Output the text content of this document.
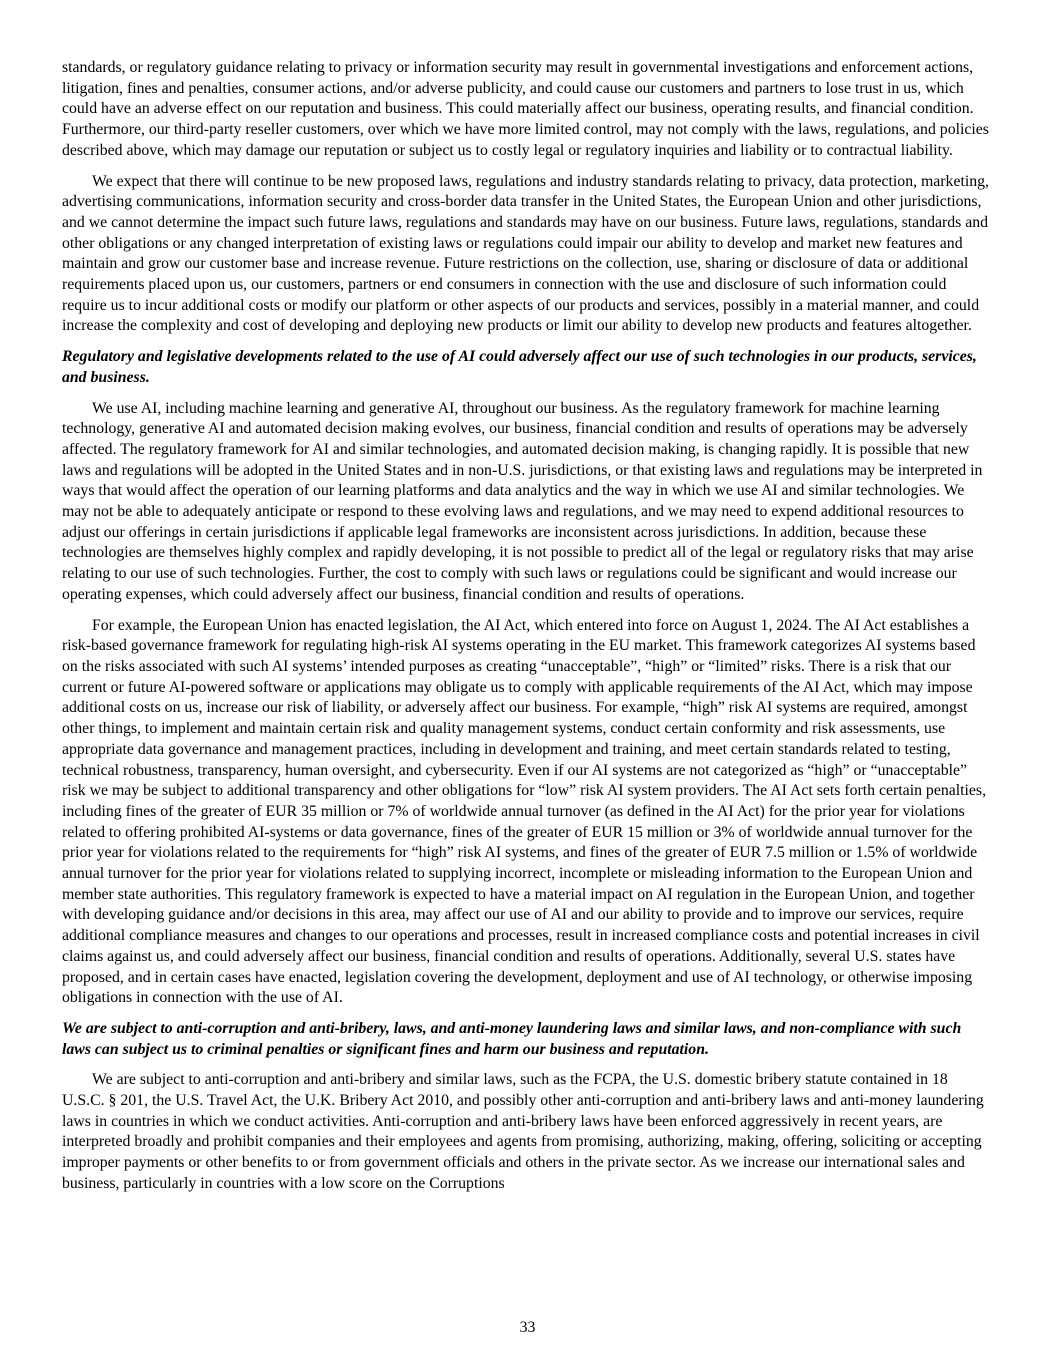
standards, or regulatory guidance relating to privacy or information security may result in governmental investigations and enforcement actions, litigation, fines and penalties, consumer actions, and/or adverse publicity, and could cause our customers and partners to lose trust in us, which could have an adverse effect on our reputation and business. This could materially affect our business, operating results, and financial condition. Furthermore, our third-party reseller customers, over which we have more limited control, may not comply with the laws, regulations, and policies described above, which may damage our reputation or subject us to costly legal or regulatory inquiries and liability or to contractual liability.

We expect that there will continue to be new proposed laws, regulations and industry standards relating to privacy, data protection, marketing, advertising communications, information security and cross-border data transfer in the United States, the European Union and other jurisdictions, and we cannot determine the impact such future laws, regulations and standards may have on our business. Future laws, regulations, standards and other obligations or any changed interpretation of existing laws or regulations could impair our ability to develop and market new features and maintain and grow our customer base and increase revenue. Future restrictions on the collection, use, sharing or disclosure of data or additional requirements placed upon us, our customers, partners or end consumers in connection with the use and disclosure of such information could require us to incur additional costs or modify our platform or other aspects of our products and services, possibly in a material manner, and could increase the complexity and cost of developing and deploying new products or limit our ability to develop new products and features altogether.

Regulatory and legislative developments related to the use of AI could adversely affect our use of such technologies in our products, services, and business.

We use AI, including machine learning and generative AI, throughout our business. As the regulatory framework for machine learning technology, generative AI and automated decision making evolves, our business, financial condition and results of operations may be adversely affected. The regulatory framework for AI and similar technologies, and automated decision making, is changing rapidly. It is possible that new laws and regulations will be adopted in the United States and in non-U.S. jurisdictions, or that existing laws and regulations may be interpreted in ways that would affect the operation of our learning platforms and data analytics and the way in which we use AI and similar technologies. We may not be able to adequately anticipate or respond to these evolving laws and regulations, and we may need to expend additional resources to adjust our offerings in certain jurisdictions if applicable legal frameworks are inconsistent across jurisdictions. In addition, because these technologies are themselves highly complex and rapidly developing, it is not possible to predict all of the legal or regulatory risks that may arise relating to our use of such technologies. Further, the cost to comply with such laws or regulations could be significant and would increase our operating expenses, which could adversely affect our business, financial condition and results of operations.

For example, the European Union has enacted legislation, the AI Act, which entered into force on August 1, 2024. The AI Act establishes a risk-based governance framework for regulating high-risk AI systems operating in the EU market. This framework categorizes AI systems based on the risks associated with such AI systems’ intended purposes as creating “unacceptable”, “high” or “limited” risks. There is a risk that our current or future AI-powered software or applications may obligate us to comply with applicable requirements of the AI Act, which may impose additional costs on us, increase our risk of liability, or adversely affect our business. For example, “high” risk AI systems are required, amongst other things, to implement and maintain certain risk and quality management systems, conduct certain conformity and risk assessments, use appropriate data governance and management practices, including in development and training, and meet certain standards related to testing, technical robustness, transparency, human oversight, and cybersecurity. Even if our AI systems are not categorized as “high” or “unacceptable” risk we may be subject to additional transparency and other obligations for “low” risk AI system providers. The AI Act sets forth certain penalties, including fines of the greater of EUR 35 million or 7% of worldwide annual turnover (as defined in the AI Act) for the prior year for violations related to offering prohibited AI-systems or data governance, fines of the greater of EUR 15 million or 3% of worldwide annual turnover for the prior year for violations related to the requirements for “high” risk AI systems, and fines of the greater of EUR 7.5 million or 1.5% of worldwide annual turnover for the prior year for violations related to supplying incorrect, incomplete or misleading information to the European Union and member state authorities. This regulatory framework is expected to have a material impact on AI regulation in the European Union, and together with developing guidance and/or decisions in this area, may affect our use of AI and our ability to provide and to improve our services, require additional compliance measures and changes to our operations and processes, result in increased compliance costs and potential increases in civil claims against us, and could adversely affect our business, financial condition and results of operations. Additionally, several U.S. states have proposed, and in certain cases have enacted, legislation covering the development, deployment and use of AI technology, or otherwise imposing obligations in connection with the use of AI.

We are subject to anti-corruption and anti-bribery, laws, and anti-money laundering laws and similar laws, and non-compliance with such laws can subject us to criminal penalties or significant fines and harm our business and reputation.

We are subject to anti-corruption and anti-bribery and similar laws, such as the FCPA, the U.S. domestic bribery statute contained in 18 U.S.C. § 201, the U.S. Travel Act, the U.K. Bribery Act 2010, and possibly other anti-corruption and anti-bribery laws and anti-money laundering laws in countries in which we conduct activities. Anti-corruption and anti-bribery laws have been enforced aggressively in recent years, are interpreted broadly and prohibit companies and their employees and agents from promising, authorizing, making, offering, soliciting or accepting improper payments or other benefits to or from government officials and others in the private sector. As we increase our international sales and business, particularly in countries with a low score on the Corruptions

33
